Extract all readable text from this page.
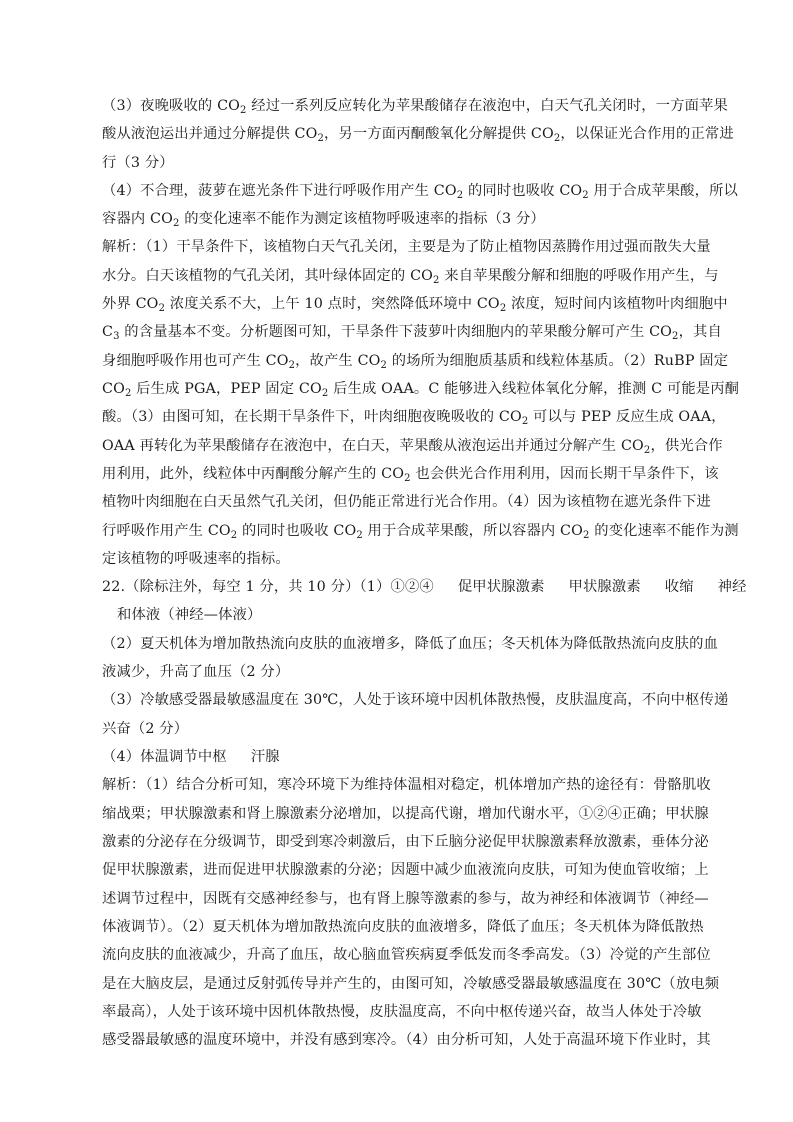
（3）夜晚吸收的 $CO_2$ 经过一系列反应转化为苹果酸储存在液泡中，白天气孔关闭时，一方面苹果
酸从液泡运出并通过分解提供 $CO_2$，另一方面丙酮酸氧化分解提供 $CO_2$，以保证光合作用的正常进
行（3 分）
（4）不合理，菠萝在遮光条件下进行呼吸作用产生 $CO_2$ 的同时也吸收 $CO_2$ 用于合成苹果酸，所以
容器内 $CO_2$ 的变化速率不能作为测定该植物呼吸速率的指标（3 分）
解析：（1）干旱条件下，该植物白天气孔关闭，主要是为了防止植物因蒸腾作用过强而散失大量
水分。白天该植物的气孔关闭，其叶绿体固定的 $CO_2$ 来自苹果酸分解和细胞的呼吸作用产生，与
外界 $CO_2$ 浓度关系不大，上午 10 点时，突然降低环境中 $CO_2$ 浓度，短时间内该植物叶肉细胞中
$C_3$ 的含量基本不变。分析题图可知，干旱条件下菠萝叶肉细胞内的苹果酸分解可产生 $CO_2$，其自
身细胞呼吸作用也可产生 $CO_2$，故产生 $CO_2$ 的场所为细胞质基质和线粒体基质。（2）RuBP 固定
$CO_2$ 后生成 PGA，PEP 固定 $CO_2$ 后生成 OAA。C 能够进入线粒体氧化分解，推测 C 可能是丙酮
酸。（3）由图可知，在长期干旱条件下，叶肉细胞夜晚吸收的 $CO_2$ 可以与 PEP 反应生成 OAA，
OAA 再转化为苹果酸储存在液泡中，在白天，苹果酸从液泡运出并通过分解产生 $CO_2$，供光合作
用利用，此外，线粒体中丙酮酸分解产生的 $CO_2$ 也会供光合作用利用，因而长期干旱条件下，该
植物叶肉细胞在白天虽然气孔关闭，但仍能正常进行光合作用。（4）因为该植物在遮光条件下进
行呼吸作用产生 $CO_2$ 的同时也吸收 $CO_2$ 用于合成苹果酸，所以容器内 $CO_2$ 的变化速率不能作为测
定该植物的呼吸速率的指标。
22.（除标注外，每空 1 分，共 10 分）（1）①②④ 促甲状腺激素 甲状腺激素 收缩 神经
和体液（神经—体液）
（2）夏天机体为增加散热流向皮肤的血液增多，降低了血压；冬天机体为降低散热流向皮肤的血
液减少，升高了血压（2 分）
（3）冷敏感受器最敏感温度在 30℃，人处于该环境中因机体散热慢，皮肤温度高，不向中枢传递
兴奋（2 分）
（4）体温调节中枢 汗腺
解析：（1）结合分析可知，寒冷环境下为维持体温相对稳定，机体增加产热的途径有：骨骼肌收
缩战栗；甲状腺激素和肾上腺激素分泌增加，以提高代谢，增加代谢水平，①②④正确；甲状腺
激素的分泌存在分级调节，即受到寒冷刺激后，由下丘脑分泌促甲状腺激素释放激素，垂体分泌
促甲状腺激素，进而促进甲状腺激素的分泌；因题中减少血液流向皮肤，可知为使血管收缩；上
述调节过程中，因既有交感神经参与，也有肾上腺等激素的参与，故为神经和体液调节（神经—
体液调节）。（2）夏天机体为增加散热流向皮肤的血液增多，降低了血压；冬天机体为降低散热
流向皮肤的血液减少，升高了血压，故心脑血管疾病夏季低发而冬季高发。（3）冷觉的产生部位
是在大脑皮层，是通过反射弧传导并产生的，由图可知，冷敏感受器最敏感温度在 30℃（放电频
率最高），人处于该环境中因机体散热慢，皮肤温度高，不向中枢传递兴奋，故当人体处于冷敏
感受器最敏感的温度环境中，并没有感到寒冷。（4）由分析可知，人处于高温环境下作业时，其
